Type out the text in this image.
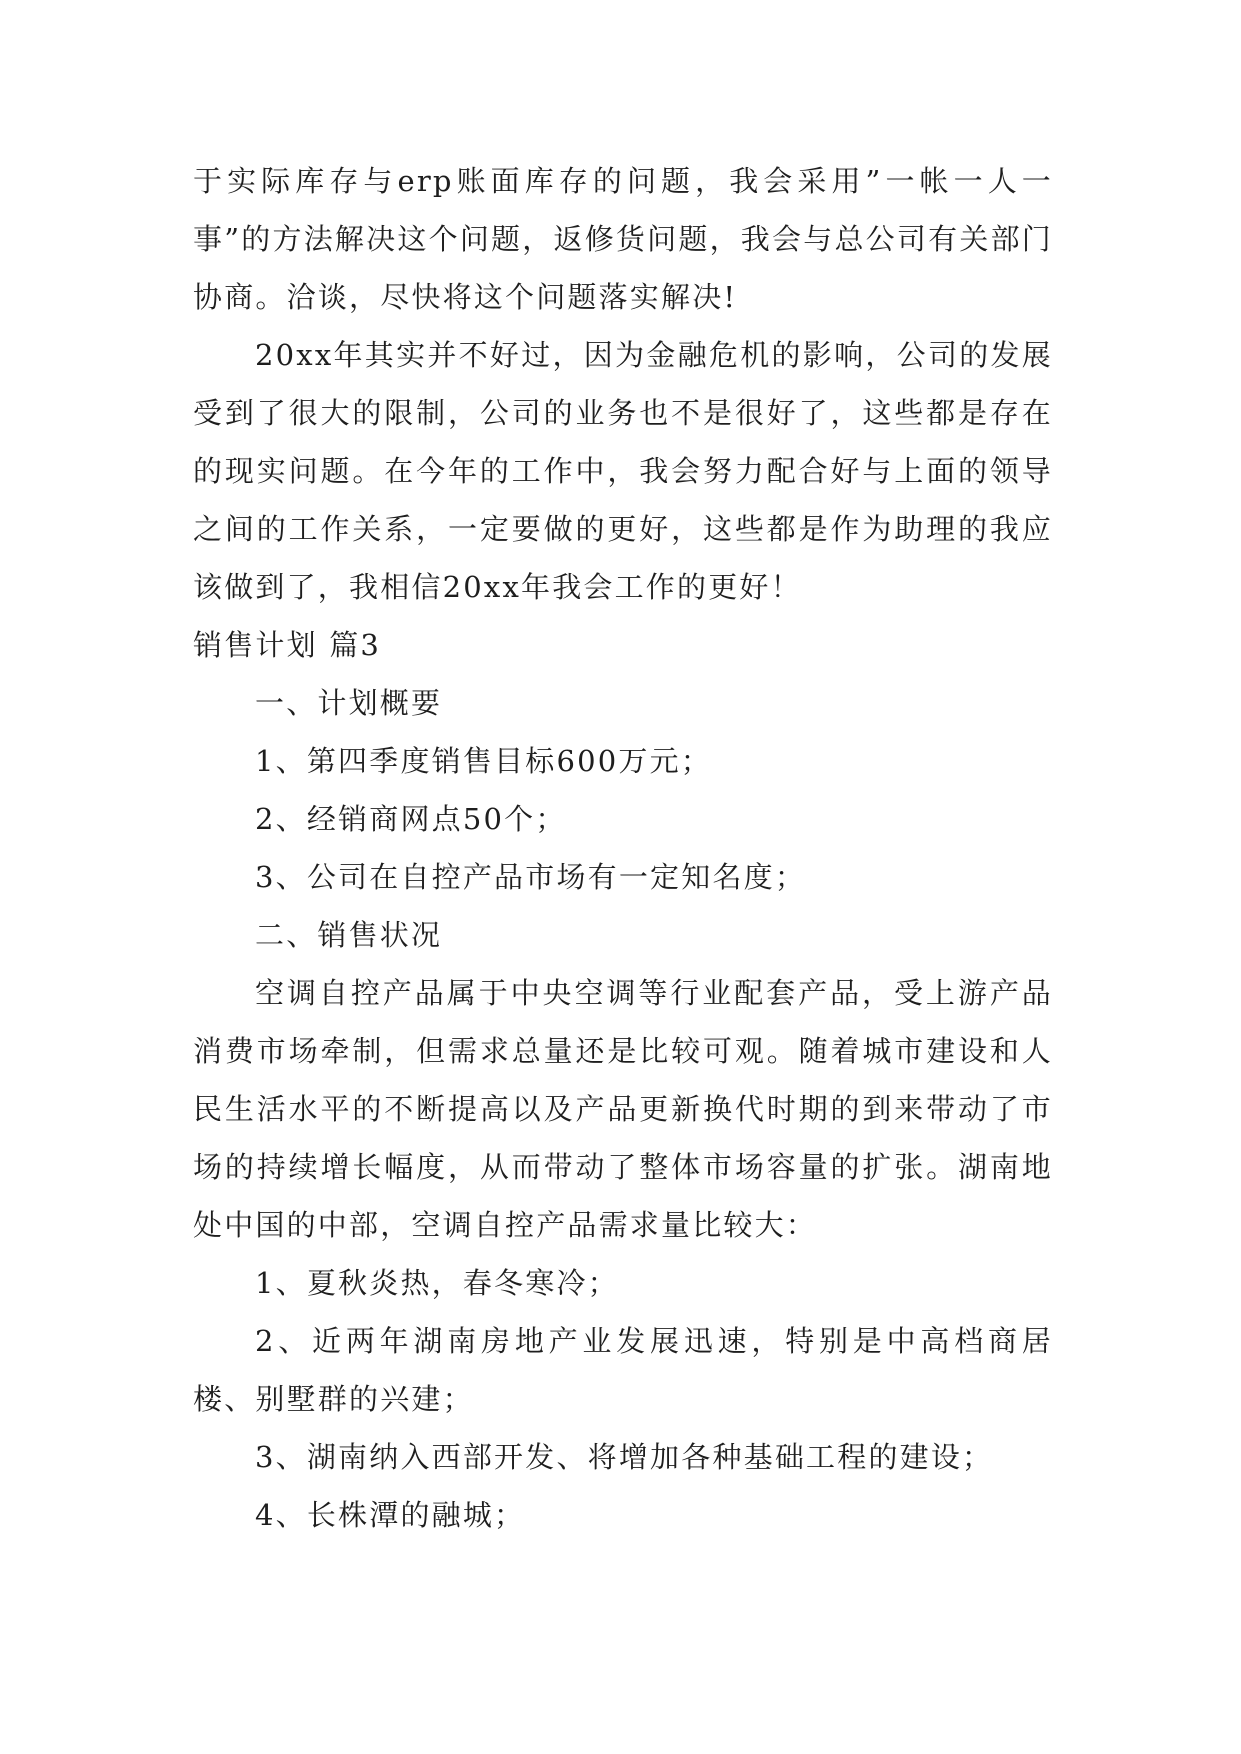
于实际库存与erp账面库存的问题，我会采用”一帐一人一事”的方法解决这个问题，返修货问题，我会与总公司有关部门协商。洽谈，尽快将这个问题落实解决!

20xx年其实并不好过，因为金融危机的影响，公司的发展受到了很大的限制，公司的业务也不是很好了，这些都是存在的现实问题。在今年的工作中，我会努力配合好与上面的领导之间的工作关系，一定要做的更好，这些都是作为助理的我应该做到了，我相信20xx年我会工作的更好！

销售计划 篇3

一、计划概要

1、第四季度销售目标600万元；

2、经销商网点50个；

3、公司在自控产品市场有一定知名度；

二、销售状况

空调自控产品属于中央空调等行业配套产品，受上游产品消费市场牵制，但需求总量还是比较可观。随着城市建设和人民生活水平的不断提高以及产品更新换代时期的到来带动了市场的持续增长幅度，从而带动了整体市场容量的扩张。湖南地处中国的中部，空调自控产品需求量比较大：

1、夏秋炎热，春冬寒冷；

2、近两年湖南房地产业发展迅速，特别是中高档商居楼、别墅群的兴建；

3、湖南纳入西部开发、将增加各种基础工程的建设；

4、长株潭的融城；
